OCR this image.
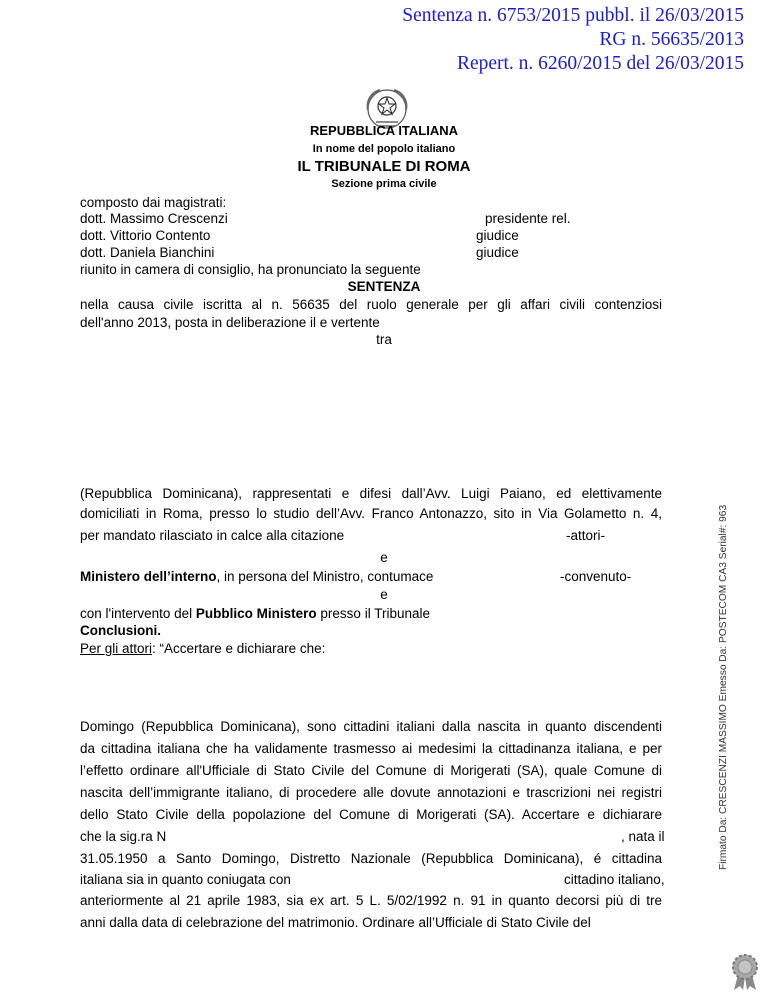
Sentenza n. 6753/2015 pubbl. il 26/03/2015
RG n. 56635/2013
Repert. n. 6260/2015 del 26/03/2015
REPUBBLICA ITALIANA
In nome del popolo italiano
IL TRIBUNALE DI ROMA
Sezione prima civile
composto dai magistrati:
dott. Massimo Crescenzi	presidente rel.
dott. Vittorio Contento	giudice
dott. Daniela Bianchini	giudice
riunito in camera di consiglio, ha pronunciato la seguente
SENTENZA
nella causa civile iscritta al n. 56635 del ruolo generale per gli affari civili contenziosi
dell'anno 2013, posta in deliberazione il e vertente
tra
(Repubblica Dominicana), rappresentati e difesi dall’Avv. Luigi Paiano, ed elettivamente
domiciliati in Roma, presso lo studio dell’Avv. Franco Antonazzo, sito in Via Golametto n. 4,
per mandato rilasciato in calce alla citazione	-attori-
e
Ministero dell’interno, in persona del Ministro, contumace	-convenuto-
e
con l'intervento del Pubblico Ministero presso il Tribunale
Conclusioni.
Per gli attori: “Accertare e dichiarare che:
Domingo (Repubblica Dominicana), sono cittadini italiani dalla nascita in quanto discendenti
da cittadina italiana che ha validamente trasmesso ai medesimi la cittadinanza italiana, e per
l’effetto ordinare all'Ufficiale di Stato Civile del Comune di Morigerati (SA), quale Comune di
nascita dell’immigrante italiano, di procedere alle dovute annotazioni e trascrizioni nei registri
dello Stato Civile della popolazione del Comune di Morigerati (SA). Accertare e dichiarare
che la sig.ra N	, nata il
31.05.1950 a Santo Domingo, Distretto Nazionale (Repubblica Dominicana), é cittadina
italiana sia in quanto coniugata con	cittadino italiano,
anteriormente al 21 aprile 1983, sia ex art. 5 L. 5/02/1992 n. 91 in quanto decorsi più di tre
anni dalla data di celebrazione del matrimonio. Ordinare all’Ufficiale di Stato Civile del
Firmato Da: CRESCENZI MASSIMO Emesso Da: POSTECOM CA3 Serial#: 963
